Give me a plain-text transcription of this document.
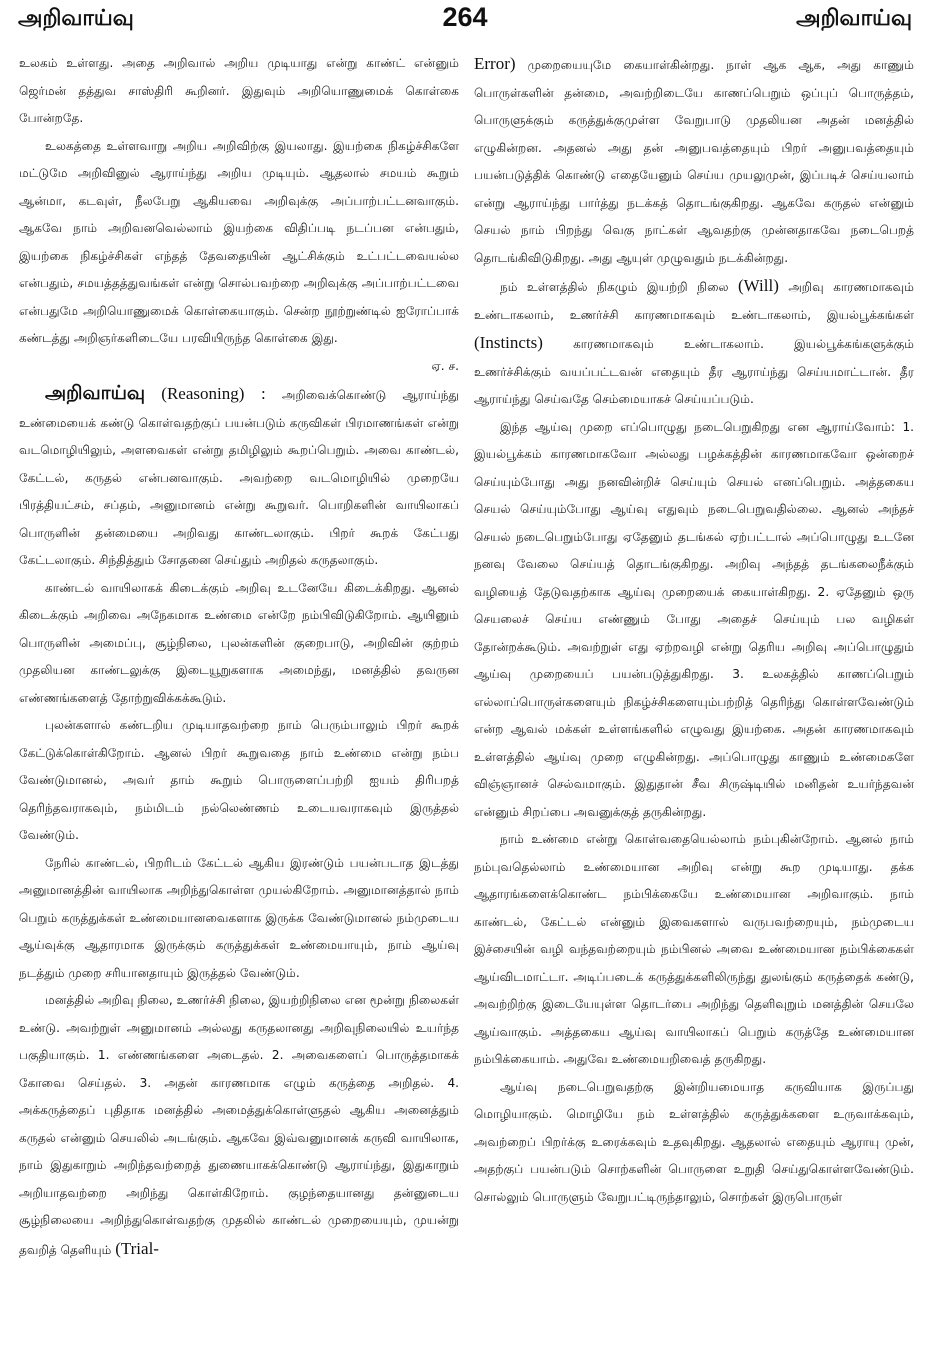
அறிவாய்வு	264	அறிவாய்வு

உலகம் உள்ளது. அதை அறிவால் அறிய முடியாது என்று காண்ட் என்னும் ஜெர்மன் தத்துவ சாஸ்திரி கூறினர். இதுவும் அறியொணுமைக் கொள்கை போன்றதே.

உலகத்தை உள்ளவாறு அறிய அறிவிற்கு இயலாது. இயற்கை நிகழ்ச்சிகளே மட்டுமே அறிவினுல் ஆராய்ந்து அறிய முடியும். ஆதலால் சமயம் கூறும் ஆன்மா, கடவுள், நீலபேறு ஆகியவை அறிவுக்கு அப்பாற்பட்டனவாகும். ஆகவே நாம் அறிவனவெல்லாம் இயற்கை விதிப்படி நடப்பன என்பதும், இயற்கை நிகழ்ச்சிகள் எந்தத் தேவதையின் ஆட்சிக்கும் உட்பட்டவையல்ல என்பதும், சமயத்தத்துவங்கள் என்று சொல்பவற்றை அறிவுக்கு அப்பாற்பட்டவை என்பதுமே அறியொணுமைக் கொள்கையாகும். சென்ற நூற்றுண்டில் ஐரோப்பாக் கண்டத்து அறிஞர்களிடையே பரவியிருந்த கொள்கை இது.

ஏ. ச.

அறிவாய்வு (Reasoning) : அறிவைக்கொண்டு ஆராய்ந்து உண்மையைக் கண்டு கொள்வதற்குப் பயன்படும் கருவிகள் பிரமாணங்கள் என்று வடமொழியிலும், அளவைகள் என்று தமிழிலும் கூறப்பெறும். அவை காண்டல், கேட்டல், கருதல் என்பனவாகும். அவற்றை வடமொழியில் முறையே பிரத்தியட்சம், சப்தம், அனுமானம் என்று கூறுவர். பொறிகளின் வாயிலாகப் பொருளின் தன்மையை அறிவது காண்டலாகும். பிறர் கூறக் கேட்பது கேட்டலாகும். சிந்தித்தும் சோதனை செய்தும் அறிதல் கருதலாகும்.

காண்டல் வாயிலாகக் கிடைக்கும் அறிவு உடனேயே கிடைக்கிறது. ஆனல் கிடைக்கும் அறிவை அநேகமாக உண்மை என்றே நம்பிவிடுகிறோம். ஆயினும் பொருளின் அமைப்பு, சூழ்நிலை, புலன்களின் குறைபாடு, அறிவின் குற்றம் முதலியன காண்டலுக்கு இடையூறுகளாக அமைந்து, மனத்தில் தவருன எண்ணங்களைத் தோற்றுவிக்கக்கூடும்.

புலன்களால் கண்டறிய முடியாதவற்றை நாம் பெரும்பாலும் பிறர் கூறக் கேட்டுக்கொள்கிறோம். ஆனல் பிறர் கூறுவதை நாம் உண்மை என்று நம்ப வேண்டுமானல், அவர் தாம் கூறும் பொருளைப்பற்றி ஐயம் திரிபறத் தெரிந்தவராகவும், நம்மிடம் நல்லெண்ணம் உடையவராகவும் இருத்தல் வேண்டும்.

நேரில் காண்டல், பிறரிடம் கேட்டல் ஆகிய இரண்டும் பயன்படாத இடத்து அனுமானத்தின் வாயிலாக அறிந்துகொள்ள முயல்கிறோம். அனுமானத்தால் நாம் பெறும் கருத்துக்கள் உண்மையானவைகளாக இருக்க வேண்டுமானல் நம்முடைய ஆய்வுக்கு ஆதாரமாக இருக்கும் கருத்துக்கள் உண்மையாயும், நாம் ஆய்வு நடத்தும் முறை சரியானதாயும் இருத்தல் வேண்டும்.

மனத்தில் அறிவு நிலை, உணர்ச்சி நிலை, இயற்றிநிலை என மூன்று நிலைகள் உண்டு. அவற்றுள் அனுமானம் அல்லது கருதலானது அறிவுநிலையில் உயர்ந்த பகுதியாகும். 1. எண்ணங்களை அடைதல். 2. அவைகளைப் பொருத்தமாகக் கோவை செய்தல். 3. அதன் காரணமாக எழும் கருத்தை அறிதல். 4. அக்கருத்தைப் புதிதாக மனத்தில் அமைத்துக்கொள்ளுதல் ஆகிய அனைத்தும் கருதல் என்னும் செயலில் அடங்கும். ஆகவே இவ்வனுமானக் கருவி வாயிலாக, நாம் இதுகாறும் அறிந்தவற்றைத் துணையாகக்கொண்டு ஆராய்ந்து, இதுகாறும் அறியாதவற்றை அறிந்து கொள்கிறோம். குழந்தையானது தன்னுடைய சூழ்நிலையை அறிந்துகொள்வதற்கு முதலில் காண்டல் முறையையும், முயன்று தவறித் தெளியும் (Trial-

Error) முறையையுமே கையாள்கின்றது. நாள் ஆக ஆக, அது காணும் பொருள்களின் தன்மை, அவற்றிடையே காணப்பெறும் ஒப்புப் பொருத்தம், பொருளுக்கும் கருத்துக்குமுள்ள வேறுபாடு முதலியன அதன் மனத்தில் எழுகின்றன. அதனல் அது தன் அனுபவத்தையும் பிறர் அனுபவத்தையும் பயன்படுத்திக் கொண்டு எதையேனும் செய்ய முயலுமுன், இப்படிச் செய்யலாம் என்று ஆராய்ந்து பார்த்து நடக்கத் தொடங்குகிறது. ஆகவே கருதல் என்னும் செயல் நாம் பிறந்து வெகு நாட்கள் ஆவதற்கு முன்னதாகவே நடைபெறத் தொடங்கிவிடுகிறது. அது ஆயுள் முழுவதும் நடக்கின்றது.

நம் உள்ளத்தில் நிகழும் இயற்றி நிலை (Will) அறிவு காரணமாகவும் உண்டாகலாம், உணர்ச்சி காரணமாகவும் உண்டாகலாம், இயல்பூக்கங்கள் (Instincts) காரணமாகவும் உண்டாகலாம். இயல்பூக்கங்களுக்கும் உணர்ச்சிக்கும் வயப்பட்டவன் எதையும் தீர ஆராய்ந்து செய்யமாட்டான். தீர ஆராய்ந்து செய்வதே செம்மையாகச் செய்யப்படும்.

இந்த ஆய்வு முறை எப்பொழுது நடைபெறுகிறது என ஆராய்வோம்: 1. இயல்பூக்கம் காரணமாகவோ அல்லது பழக்கத்தின் காரணமாகவோ ஒன்றைச் செய்யும்போது அது நனவின்றிச் செய்யும் செயல் எனப்பெறும். அத்தகைய செயல் செய்யும்போது ஆய்வு எதுவும் நடைபெறுவதில்லை. ஆனல் அந்தச் செயல் நடைபெறும்போது ஏதேனும் தடங்கல் ஏற்பட்டால் அப்பொழுது உடனே நனவு வேலை செய்யத் தொடங்குகிறது. அறிவு அந்தத் தடங்கலைநீக்கும் வழியைத் தேடுவதற்காக ஆய்வு முறையைக் கையாள்கிறது. 2. ஏதேனும் ஒரு செயலைச் செய்ய எண்ணும் போது அதைச் செய்யும் பல வழிகள் தோன்றக்கூடும். அவற்றுள் எது ஏற்றவழி என்று தெரிய அறிவு அப்பொழுதும் ஆய்வு முறையைப் பயன்படுத்துகிறது. 3. உலகத்தில் காணப்பெறும் எல்லாப்பொருள்களையும் நிகழ்ச்சிகளையும்பற்றித் தெரிந்து கொள்ளவேண்டும் என்ற ஆவல் மக்கள் உள்ளங்களில் எழுவது இயற்கை. அதன் காரணமாகவும் உள்ளத்தில் ஆய்வு முறை எழுகின்றது. அப்பொழுது காணும் உண்மைகளே விஞ்ஞானச் செல்வமாகும். இதுதான் சீவ சிருஷ்டியில் மனிதன் உயர்ந்தவன் என்னும் சிறப்பை அவனுக்குத் தருகின்றது.

நாம் உண்மை என்று கொள்வதையெல்லாம் நம்புகின்றோம். ஆனல் நாம் நம்புவதெல்லாம் உண்மையான அறிவு என்று கூற முடியாது. தக்க ஆதாரங்களைக்கொண்ட நம்பிக்கையே உண்மையான அறிவாகும். நாம் காண்டல், கேட்டல் என்னும் இவைகளால் வருபவற்றையும், நம்முடைய இச்சையின் வழி வந்தவற்றையும் நம்பினல் அவை உண்மையான நம்பிக்கைகள் ஆய்விடமாட்டா. அடிப்படைக் கருத்துக்களிலிருந்து துலங்கும் கருத்தைக் கண்டு, அவற்றிற்கு இடையேயுள்ள தொடர்பை அறிந்து தெளிவுறும் மனத்தின் செயலே ஆய்வாகும். அத்தகைய ஆய்வு வாயிலாகப் பெறும் கருத்தே உண்மையான நம்பிக்கையாம். அதுவே உண்மையறிவைத் தருகிறது.

ஆய்வு நடைபெறுவதற்கு இன்றியமையாத கருவியாக இருப்பது மொழியாகும். மொழியே நம் உள்ளத்தில் கருத்துக்களை உருவாக்கவும், அவற்றைப் பிறர்க்கு உரைக்கவும் உதவுகிறது. ஆதலால் எதையும் ஆராயு முன், அதற்குப் பயன்படும் சொற்களின் பொருளை உறுதி செய்துகொள்ளவேண்டும். சொல்லும் பொருளும் வேறுபட்டிருந்தாலும், சொற்கள் இருபொருள்
